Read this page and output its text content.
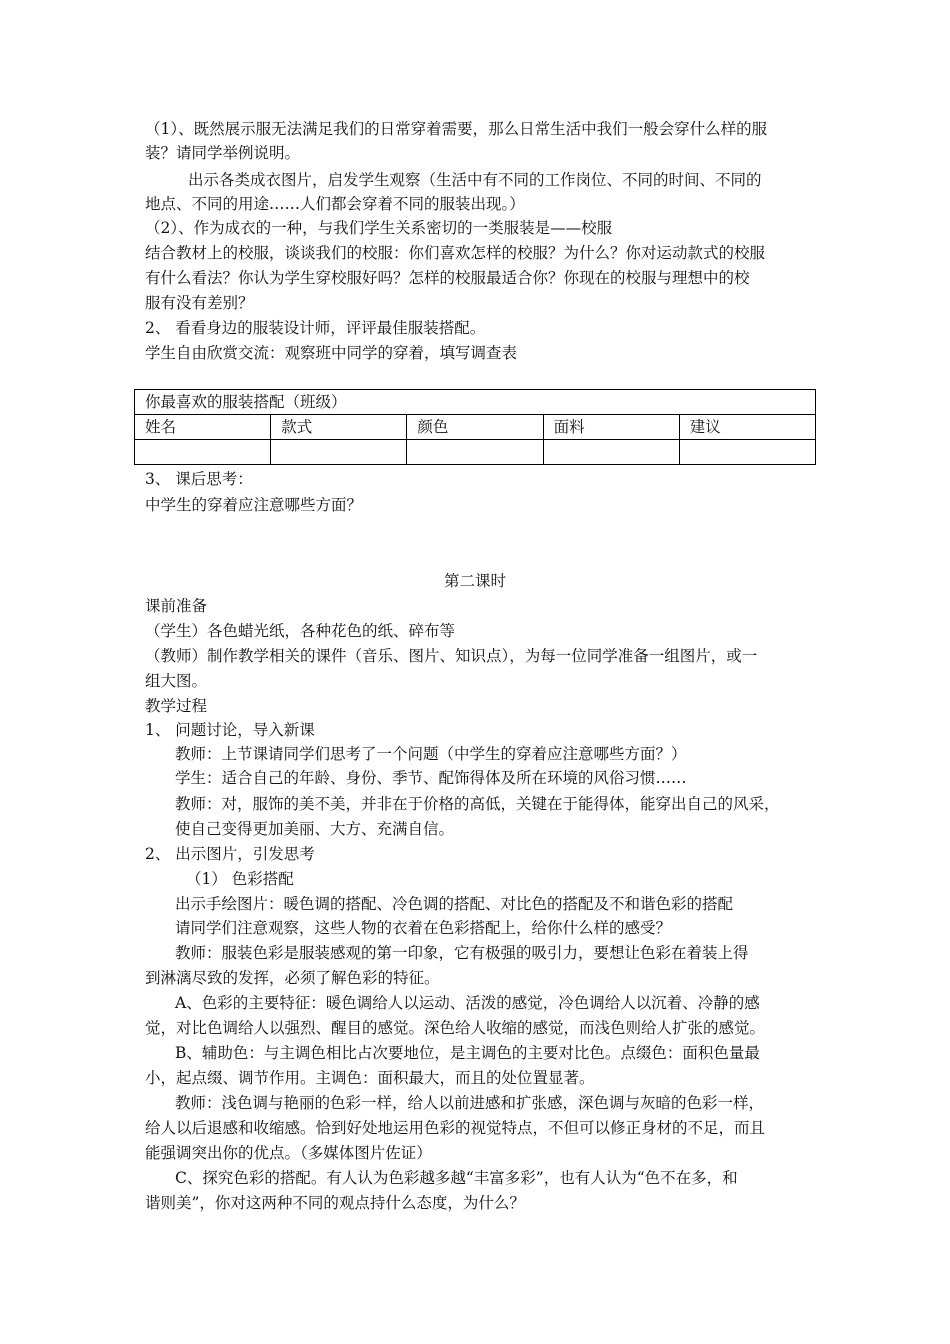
（1）、既然展示服无法满足我们的日常穿着需要，那么日常生活中我们一般会穿什么样的服
装？请同学举例说明。
出示各类成衣图片，启发学生观察（生活中有不同的工作岗位、不同的时间、不同的
地点、不同的用途……人们都会穿着不同的服装出现。）
（2）、作为成衣的一种，与我们学生关系密切的一类服装是——校服
结合教材上的校服，谈谈我们的校服：你们喜欢怎样的校服？为什么？你对运动款式的校服
有什么看法？你认为学生穿校服好吗？怎样的校服最适合你？你现在的校服与理想中的校
服有没有差别？
2、 看看身边的服装设计师，评评最佳服装搭配。
学生自由欣赏交流：观察班中同学的穿着，填写调查表
你最喜欢的服装搭配（班级）				
姓名	款式	颜色	面料	建议

3、 课后思考：
中学生的穿着应注意哪些方面？
第二课时
课前准备
（学生）各色蜡光纸，各种花色的纸、碎布等
（教师）制作教学相关的课件（音乐、图片、知识点），为每一位同学准备一组图片，或一
组大图。
教学过程
1、 问题讨论，导入新课
教师：上节课请同学们思考了一个问题（中学生的穿着应注意哪些方面？）
学生：适合自己的年龄、身份、季节、配饰得体及所在环境的风俗习惯……
教师：对，服饰的美不美，并非在于价格的高低，关键在于能得体，能穿出自己的风采，
使自己变得更加美丽、大方、充满自信。
2、 出示图片，引发思考
（1） 色彩搭配
出示手绘图片：暖色调的搭配、冷色调的搭配、对比色的搭配及不和谐色彩的搭配
请同学们注意观察，这些人物的衣着在色彩搭配上，给你什么样的感受？
教师：服装色彩是服装感观的第一印象，它有极强的吸引力，要想让色彩在着装上得
到淋漓尽致的发挥，必须了解色彩的特征。
A、色彩的主要特征：暖色调给人以运动、活泼的感觉，冷色调给人以沉着、冷静的感
觉，对比色调给人以强烈、醒目的感觉。深色给人收缩的感觉，而浅色则给人扩张的感觉。
B、辅助色：与主调色相比占次要地位，是主调色的主要对比色。点缀色：面积色量最
小，起点缀、调节作用。主调色：面积最大，而且的处位置显著。
教师：浅色调与艳丽的色彩一样，给人以前进感和扩张感，深色调与灰暗的色彩一样，
给人以后退感和收缩感。恰到好处地运用色彩的视觉特点，不但可以修正身材的不足，而且
能强调突出你的优点。（多媒体图片佐证）
C、探究色彩的搭配。有人认为色彩越多越“丰富多彩”，也有人认为“色不在多，和
谐则美”，你对这两种不同的观点持什么态度，为什么？
